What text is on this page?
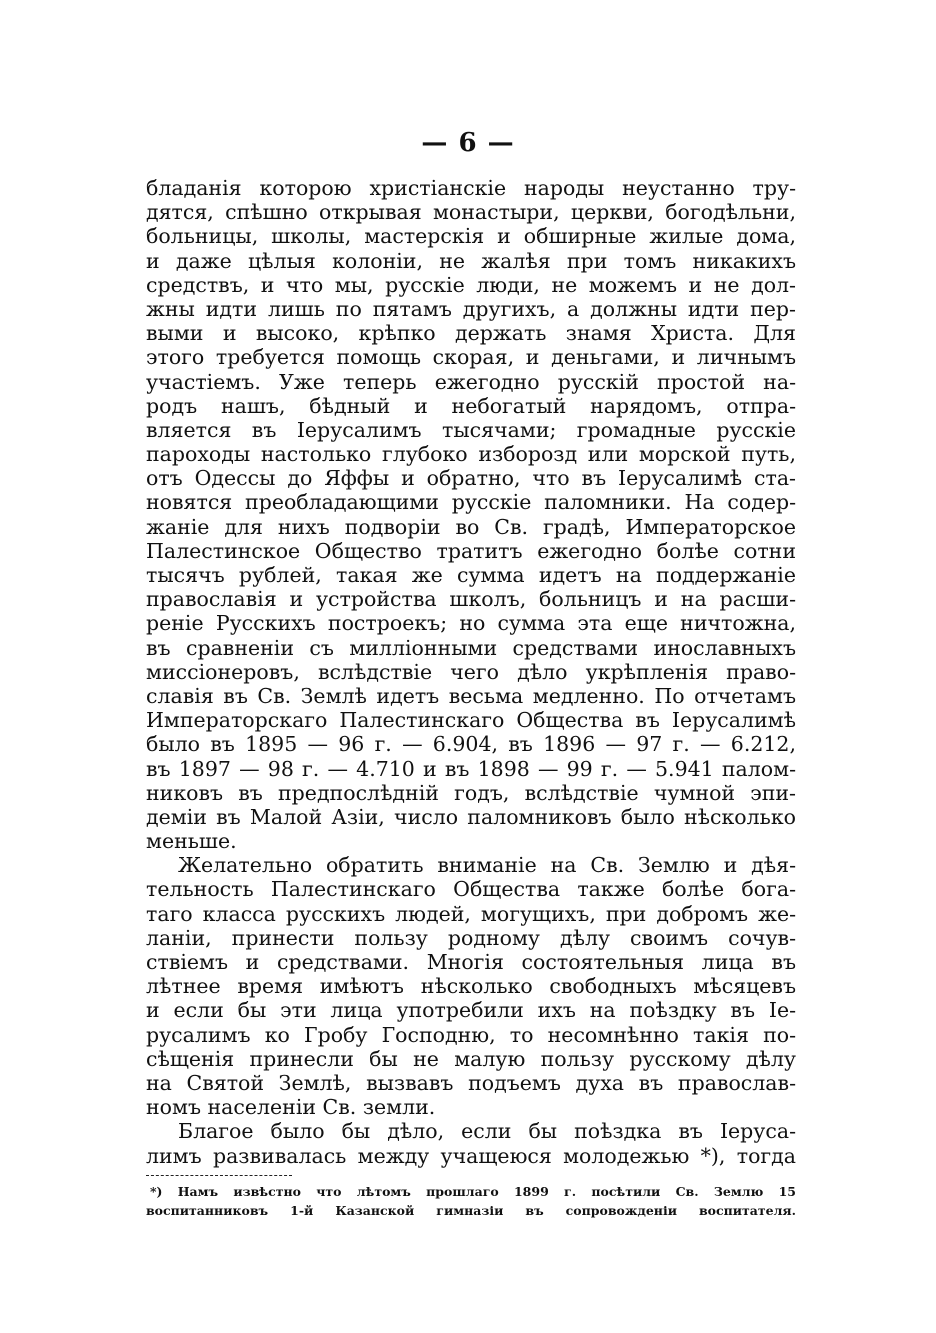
— 6 —
бладанія которою христіанскіе народы неустанно тру-
дятся, спѣшно открывая монастыри, церкви, богодѣльни,
больницы, школы, мастерскія и обширные жилые дома,
и даже цѣлыя колоніи, не жалѣя при томъ никакихъ
средствъ, и что мы, русскіе люди, не можемъ и не дол-
жны идти лишь по пятамъ другихъ, а должны идти пер-
выми и высоко, крѣпко держать знамя Христа. Для
этого требуется помощь скорая, и деньгами, и личнымъ
участіемъ. Уже теперь ежегодно русскій простой на-
родъ нашъ, бѣдный и небогатый нарядомъ, отпра-
вляется въ Іерусалимъ тысячами; громадные русскіе
пароходы настолько глубоко изборозд или морской путь,
отъ Одессы до Яффы и обратно, что въ Іерусалимѣ ста-
новятся преобладающими русскіе паломники. На содер-
жаніе для нихъ подворіи во Св. градѣ, Императорское
Палестинское Общество тратитъ ежегодно болѣе сотни
тысячъ рублей, такая же сумма идетъ на поддержаніе
православія и устройства школъ, больницъ и на расши-
реніе Русскихъ построекъ; но сумма эта еще ничтожна,
въ сравненіи съ милліонными средствами инославныхъ
миссіонеровъ, вслѣдствіе чего дѣло укрѣпленія право-
славія въ Св. Землѣ идетъ весьма медленно. По отчетамъ
Императорскаго Палестинскаго Общества въ Іерусалимѣ
было въ 1895 — 96 г. — 6.904, въ 1896 — 97 г. — 6.212,
въ 1897 — 98 г. — 4.710 и въ 1898 — 99 г. — 5.941 палом-
никовъ въ предпослѣдній годъ, вслѣдствіе чумной эпи-
деміи въ Малой Азіи, число паломниковъ было нѣсколько
меньше.
Желательно обратить вниманіе на Св. Землю и дѣя-
тельность Палестинскаго Общества также болѣе бога-
таго класса русскихъ людей, могущихъ, при добромъ же-
ланіи, принести пользу родному дѣлу своимъ сочув-
ствіемъ и средствами. Многія состоятельныя лица въ
лѣтнее время имѣютъ нѣсколько свободныхъ мѣсяцевъ
и если бы эти лица употребили ихъ на поѣздку въ Іе-
русалимъ ко Гробу Господню, то несомнѣнно такія по-
сѣщенія принесли бы не малую пользу русскому дѣлу
на Святой Землѣ, вызвавъ подъемъ духа въ православ-
номъ населеніи Св. земли.
Благое было бы дѣло, если бы поѣздка въ Іеруса-
лимъ развивалась между учащеюся молодежью *), тогда
*) Намъ извѣстно что лѣтомъ прошлаго 1899 г. посѣтили Св. Землю 15
воспитанниковъ 1-й Казанской гимназіи въ сопровожденіи воспитателя.
